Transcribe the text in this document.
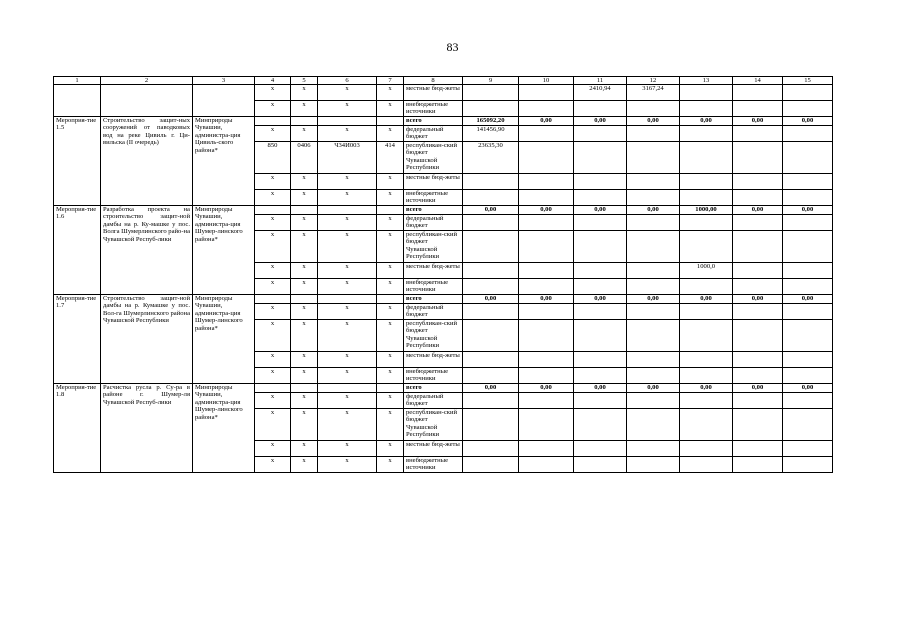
83
1	2	3	4	5	6	7	8	9	10	11	12	13	14	15
			x	x	x	x	местные бюд-жеты			2410,94	3167,24			
			x	x	x	x	внебюджетные источники							
Мероприя-тие 1.5	Строительство защит-ных сооружений от паводковых вод на реке Цивиль г. Ци-вильска (II очередь)	Минприроды Чувашии, администра-ция Цивиль-ского района*					всего	165092,20	0,00	0,00	0,00	0,00	0,00	0,00
			x	x	x	x	федеральный бюджет	141456,90						
			850	0406	Ч34И003	414	республикан-ский бюджет Чувашской Республики	23635,30						
			x	x	x	x	местные бюд-жеты							
			x	x	x	x	внебюджетные источники							
Мероприя-тие 1.6	Разработка проекта на строительство защит-ной дамбы на р. Ку-машке у пос. Волга Шумерлинского райо-на Чувашской Респуб-лики	Минприроды Чувашии, администра-ция Шумер-линского района*					всего	0,00	0,00	0,00	0,00	1000,00	0,00	0,00
			x	x	x	x	федеральный бюджет							
			x	x	x	x	республикан-ский бюджет Чувашской Республики							
			x	x	x	x	местные бюд-жеты					1000,0		
			x	x	x	x	внебюджетные источники							
Мероприя-тие 1.7	Строительство защит-ной дамбы на р. Кумашке у пос. Вол-га Шумерлинского района Чувашской Республики	Минприроды Чувашии, администра-ция Шумер-линского района*					всего	0,00	0,00	0,00	0,00	0,00	0,00	0,00
			x	x	x	x	федеральный бюджет							
			x	x	x	x	республикан-ский бюджет Чувашской Республики							
			x	x	x	x	местные бюд-жеты							
			x	x	x	x	внебюджетные источники							
Мероприя-тие 1.8	Расчистка русла р. Су-ра в районе г. Шумер-ля Чувашской Респуб-лики	Минприроды Чувашии, администра-ция Шумер-линского района*					всего	0,00	0,00	0,00	0,00	0,00	0,00	0,00
			x	x	x	x	федеральный бюджет							
			x	x	x	x	республикан-ский бюджет Чувашской Республики							
			x	x	x	x	местные бюд-жеты							
			x	x	x	x	внебюджетные источники							
